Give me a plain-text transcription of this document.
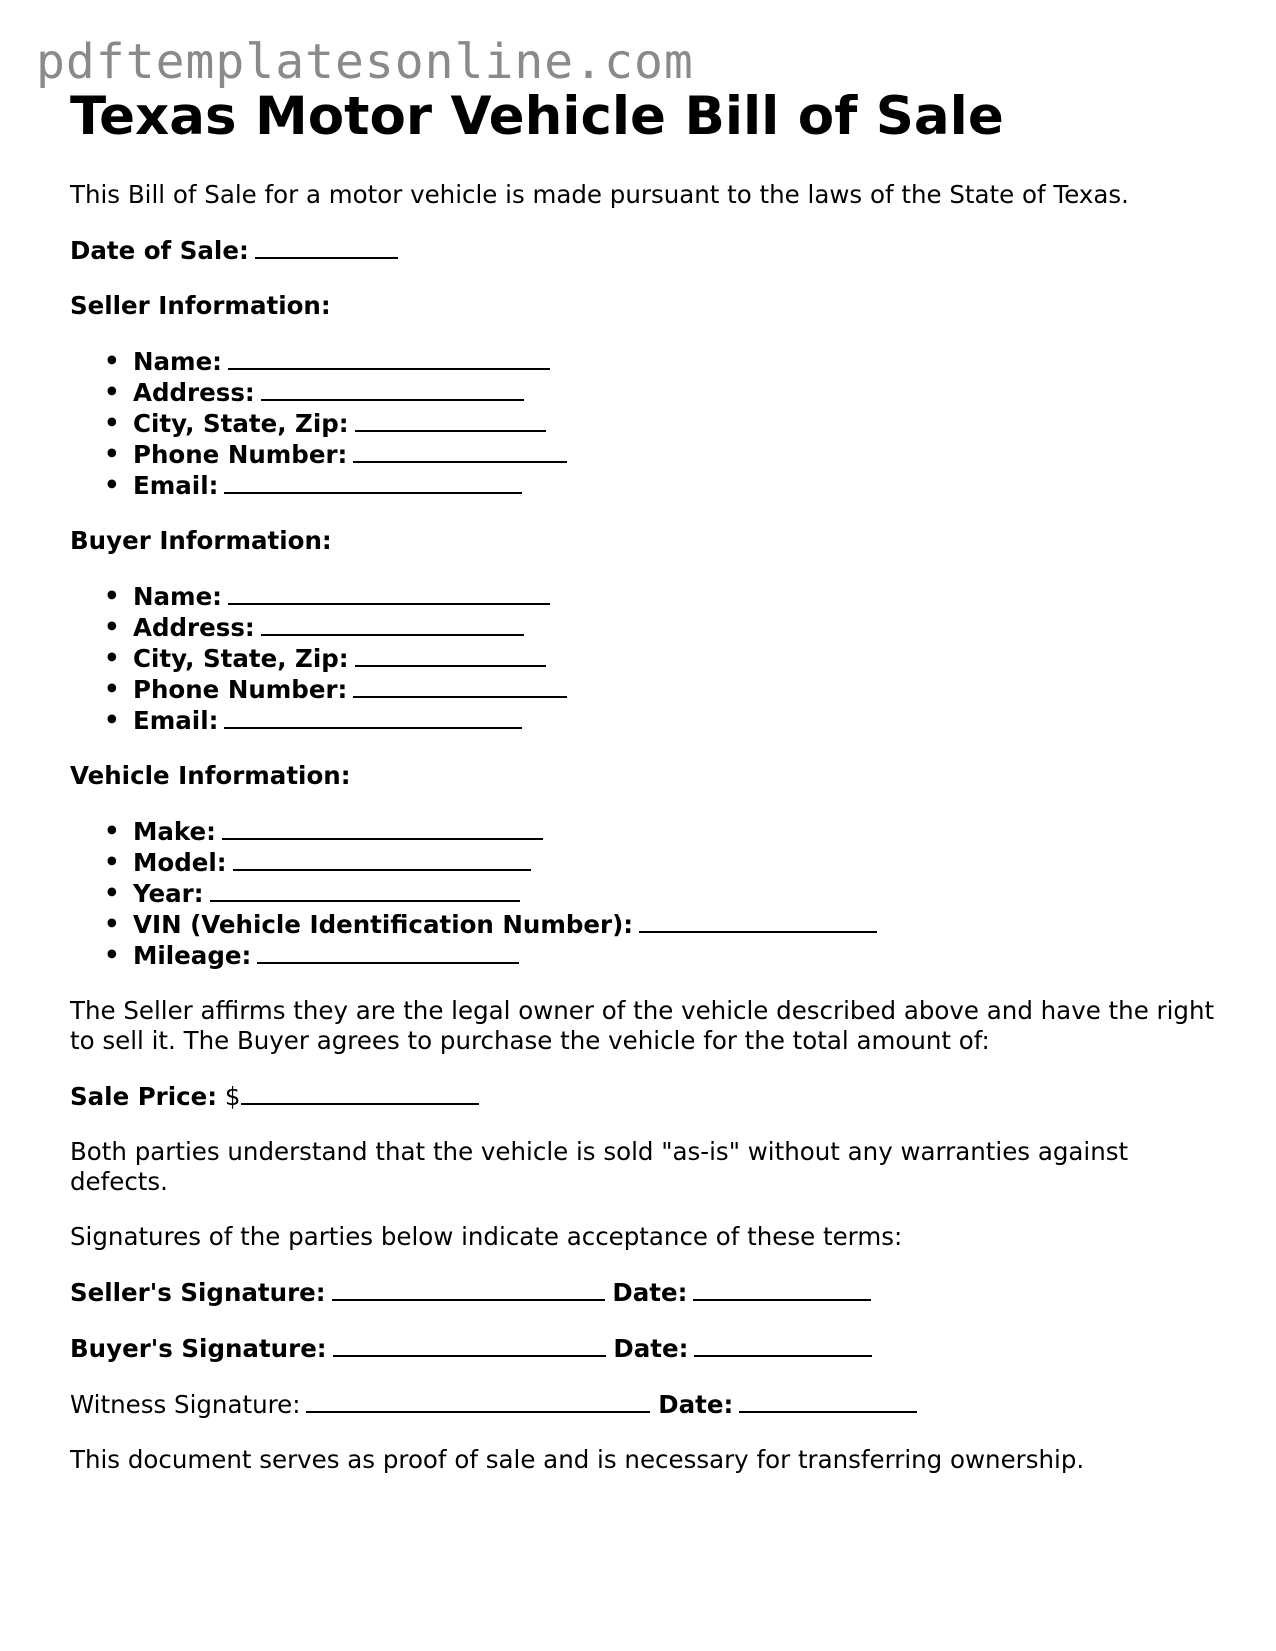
pdftemplatesonline.com
Texas Motor Vehicle Bill of Sale

This Bill of Sale for a motor vehicle is made pursuant to the laws of the State of Texas.

Date of Sale:

Seller Information:

• Name:
• Address:
• City, State, Zip:
• Phone Number:
• Email:

Buyer Information:

• Name:
• Address:
• City, State, Zip:
• Phone Number:
• Email:

Vehicle Information:

• Make:
• Model:
• Year:
• VIN (Vehicle Identification Number):
• Mileage:

The Seller affirms they are the legal owner of the vehicle described above and have the right to sell it. The Buyer agrees to purchase the vehicle for the total amount of:

Sale Price: $

Both parties understand that the vehicle is sold "as-is" without any warranties against defects.

Signatures of the parties below indicate acceptance of these terms:

Seller's Signature:	Date:

Buyer's Signature:	Date:

Witness Signature:	Date:

This document serves as proof of sale and is necessary for transferring ownership.
